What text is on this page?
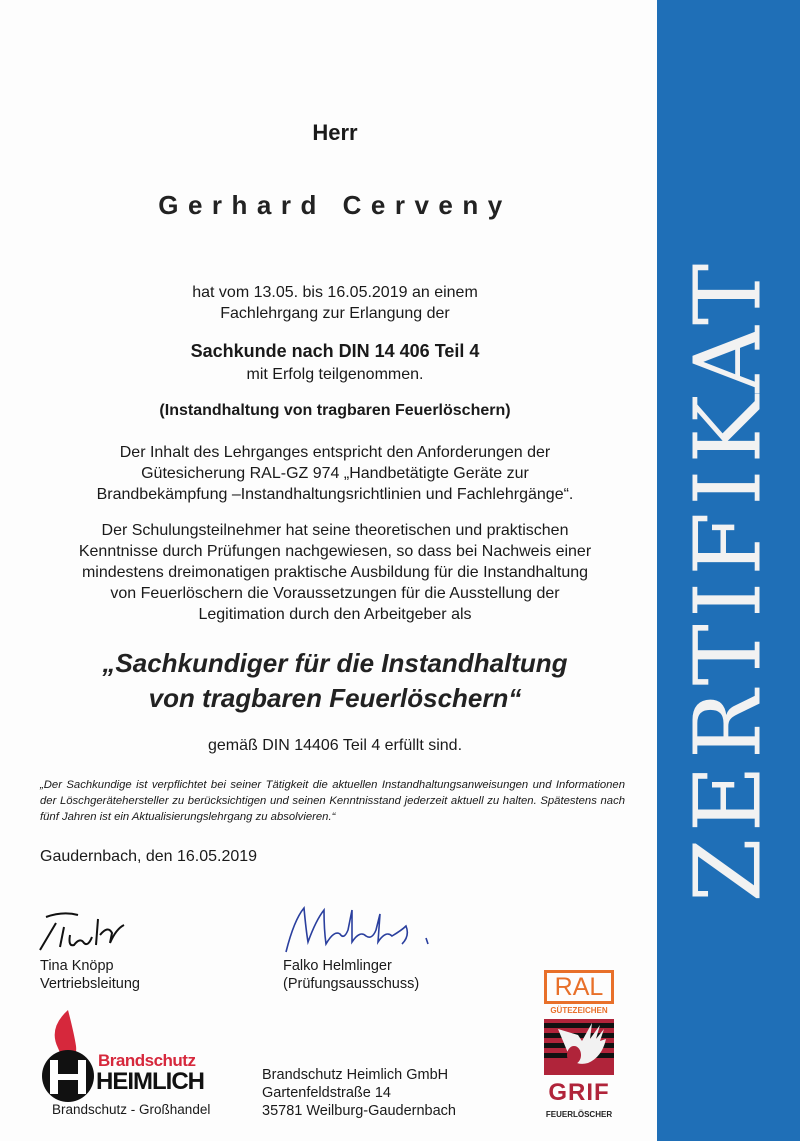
ZERTIFIKAT
Herr
Gerhard Cerveny
hat vom 13.05. bis 16.05.2019 an einem
Fachlehrgang zur Erlangung der
Sachkunde nach DIN 14 406 Teil 4
mit Erfolg teilgenommen.
(Instandhaltung von tragbaren Feuerlöschern)
Der Inhalt des Lehrganges entspricht den Anforderungen der
Gütesicherung RAL-GZ 974 „Handbetätigte Geräte zur
Brandbekämpfung –Instandhaltungsrichtlinien und Fachlehrgänge“.
Der Schulungsteilnehmer hat seine theoretischen und praktischen
Kenntnisse durch Prüfungen nachgewiesen, so dass bei Nachweis einer
mindestens dreimonatigen praktische Ausbildung für die Instandhaltung
von Feuerlöschern die Voraussetzungen für die Ausstellung der
Legitimation durch den Arbeitgeber als
„Sachkundiger für die Instandhaltung
von tragbaren Feuerlöschern“
gemäß DIN 14406 Teil 4 erfüllt sind.
„Der Sachkundige ist verpflichtet bei seiner Tätigkeit die aktuellen Instandhaltungsanweisungen und Informationen der Löschgerätehersteller zu berücksichtigen und seinen Kenntnisstand jederzeit aktuell zu halten. Spätestens nach fünf Jahren ist ein Aktualisierungslehrgang zu absolvieren.“
Gaudernbach, den 16.05.2019
Tina Knöpp
Vertriebsleitung
Falko Helmlinger
(Prüfungsausschuss)
Brandschutz
HEIMLICH
Brandschutz - Großhandel
Brandschutz Heimlich GmbH
Gartenfeldstraße 14
35781 Weilburg-Gaudernbach
RAL
GÜTEZEICHEN
GRIF
FEUERLÖSCHER
